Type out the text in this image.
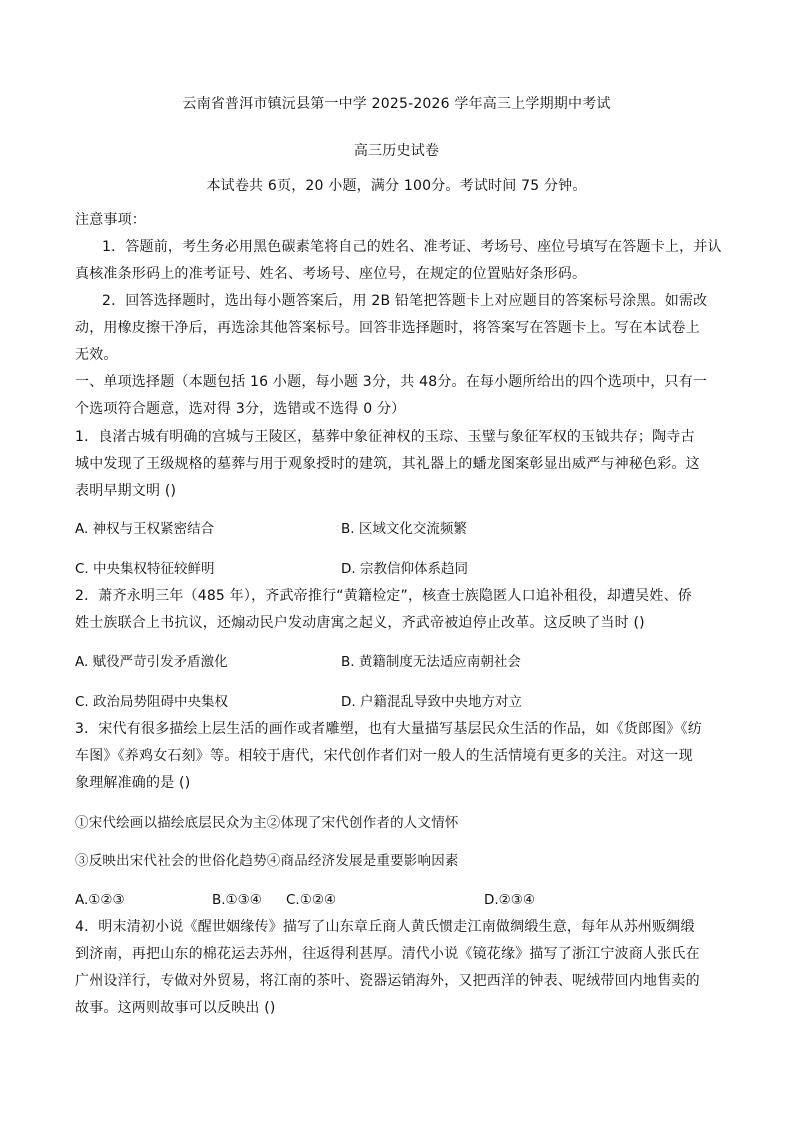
云南省普洱市镇沅县第一中学 2025-2026 学年高三上学期期中考试
高三历史试卷
本试卷共 6页，20 小题，满分 100分。考试时间 75 分钟。
注意事项：
1．答题前，考生务必用黑色碳素笔将自己的姓名、准考证、考场号、座位号填写在答题卡上，并认
真核准条形码上的准考证号、姓名、考场号、座位号，在规定的位置贴好条形码。
2．回答选择题时，选出每小题答案后，用 2B 铅笔把答题卡上对应题目的答案标号涂黑。如需改
动，用橡皮擦干净后，再选涂其他答案标号。回答非选择题时，将答案写在答题卡上。写在本试卷上
无效。
一、单项选择题（本题包括 16 小题，每小题 3分，共 48分。在每小题所给出的四个选项中，只有一
个选项符合题意，选对得 3分，选错或不选得 0 分）
1．良渚古城有明确的宫城与王陵区，墓葬中象征神权的玉琮、玉璧与象征军权的玉钺共存；陶寺古
城中发现了王级规格的墓葬与用于观象授时的建筑，其礼器上的蟠龙图案彰显出威严与神秘色彩。这
表明早期文明 ()
A. 神权与王权紧密结合	B. 区域文化交流频繁
C. 中央集权特征较鲜明	D. 宗教信仰体系趋同
2．萧齐永明三年（485 年），齐武帝推行“黄籍检定”，核查士族隐匿人口追补租役，却遭吴姓、侨
姓士族联合上书抗议，还煽动民户发动唐寓之起义，齐武帝被迫停止改革。这反映了当时 ()
A. 赋役严苛引发矛盾激化	B. 黄籍制度无法适应南朝社会
C. 政治局势阻碍中央集权	D. 户籍混乱导致中央地方对立
3．宋代有很多描绘上层生活的画作或者雕塑，也有大量描写基层民众生活的作品，如《货郎图》《纺
车图》《养鸡女石刻》等。相较于唐代，宋代创作者们对一般人的生活情境有更多的关注。对这一现
象理解准确的是 ()
①宋代绘画以描绘底层民众为主②体现了宋代创作者的人文情怀
③反映出宋代社会的世俗化趋势④商品经济发展是重要影响因素
A.①②③	B.①③④ C.①②④	D.②③④
4．明末清初小说《醒世姻缘传》描写了山东章丘商人黄氏惯走江南做绸缎生意，每年从苏州贩绸缎
到济南，再把山东的棉花运去苏州，往返得利甚厚。清代小说《镜花缘》描写了浙江宁波商人张氏在
广州设洋行，专做对外贸易，将江南的茶叶、瓷器运销海外，又把西洋的钟表、呢绒带回内地售卖的
故事。这两则故事可以反映出 ()
